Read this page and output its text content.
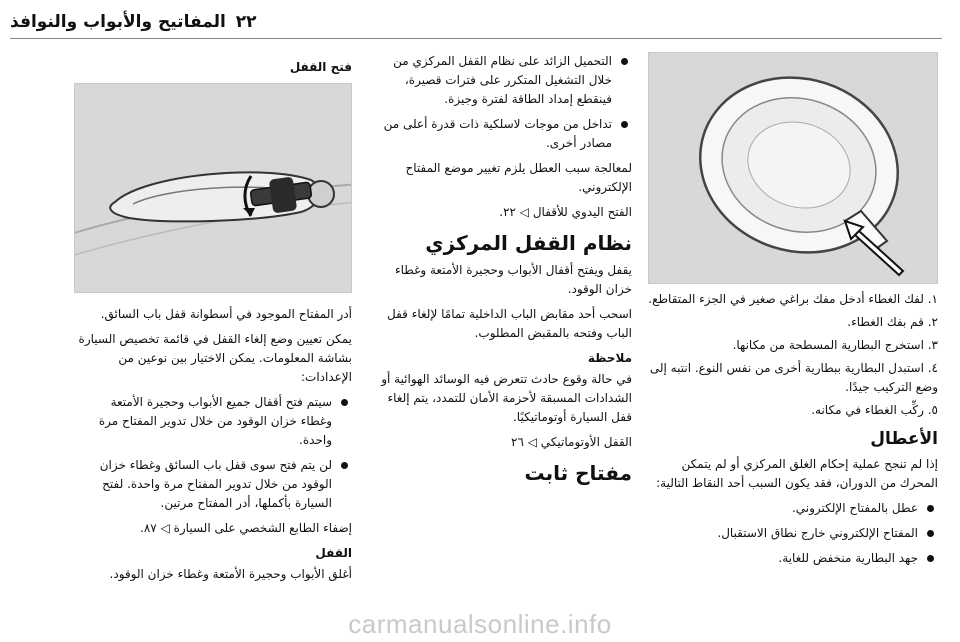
٢٢
المفاتيح والأبواب والنوافذ
١. لفك الغطاء أدخل مفك براغي صغير في الجزء المتقاطع.
٢. قم بفك الغطاء.
٣. استخرج البطارية المسطحة من مكانها.
٤. استبدل البطارية ببطارية أخرى من نفس النوع. انتبه إلى وضع التركيب جيدًا.
٥. ركِّب الغطاء في مكانه.
الأعطال

إذا لم تنجح عملية إحكام الغلق المركزي أو لم يتمكن المحرك من الدوران، فقد يكون السبب أحد النقاط التالية:

عطل بالمفتاح الإلكتروني.
المفتاح الإلكتروني خارج نطاق الاستقبال.
جهد البطارية منخفض للغاية.
التحميل الزائد على نظام القفل المركزي من خلال التشغيل المتكرر على فترات قصيرة، فينقطع إمداد الطاقة لفترة وجيزة.
تداخل من موجات لاسلكية ذات قدرة أعلى من مصادر أخرى.

لمعالجة سبب العطل يلزم تغيير موضع المفتاح الإلكتروني.

الفتح اليدوي للأقفال ◁ ٢٢.

نظام القفل المركزي

يقفل ويفتح أقفال الأبواب وحجيرة الأمتعة وغطاء خزان الوقود.

اسحب أحد مقابض الباب الداخلية تمامًا لإلغاء قفل الباب وفتحه بالمقبض المطلوب.

ملاحظة

في حالة وقوع حادث تتعرض فيه الوسائد الهوائية أو الشدادات المسبقة لأحزمة الأمان للتمدد، يتم إلغاء قفل السيارة أوتوماتيكيًا.

القفل الأوتوماتيكي ◁ ٢٦

مفتاح ثابت
فتح القفل

أدر المفتاح الموجود في أسطوانة قفل باب السائق.

يمكن تعيين وضع إلغاء القفل في قائمة تخصيص السيارة بشاشة المعلومات. يمكن الاختيار بين نوعين من الإعدادات:

سيتم فتح أقفال جميع الأبواب وحجيرة الأمتعة وغطاء خزان الوقود من خلال تدوير المفتاح مرة واحدة.
لن يتم فتح سوى قفل باب السائق وغطاء خزان الوقود من خلال تدوير المفتاح مرة واحدة. لفتح السيارة بأكملها، أدر المفتاح مرتين.

إضفاء الطابع الشخصي على السيارة ◁ ٨٧.

القفل

أغلق الأبواب وحجيرة الأمتعة وغطاء خزان الوقود.

carmanualsonline.info
